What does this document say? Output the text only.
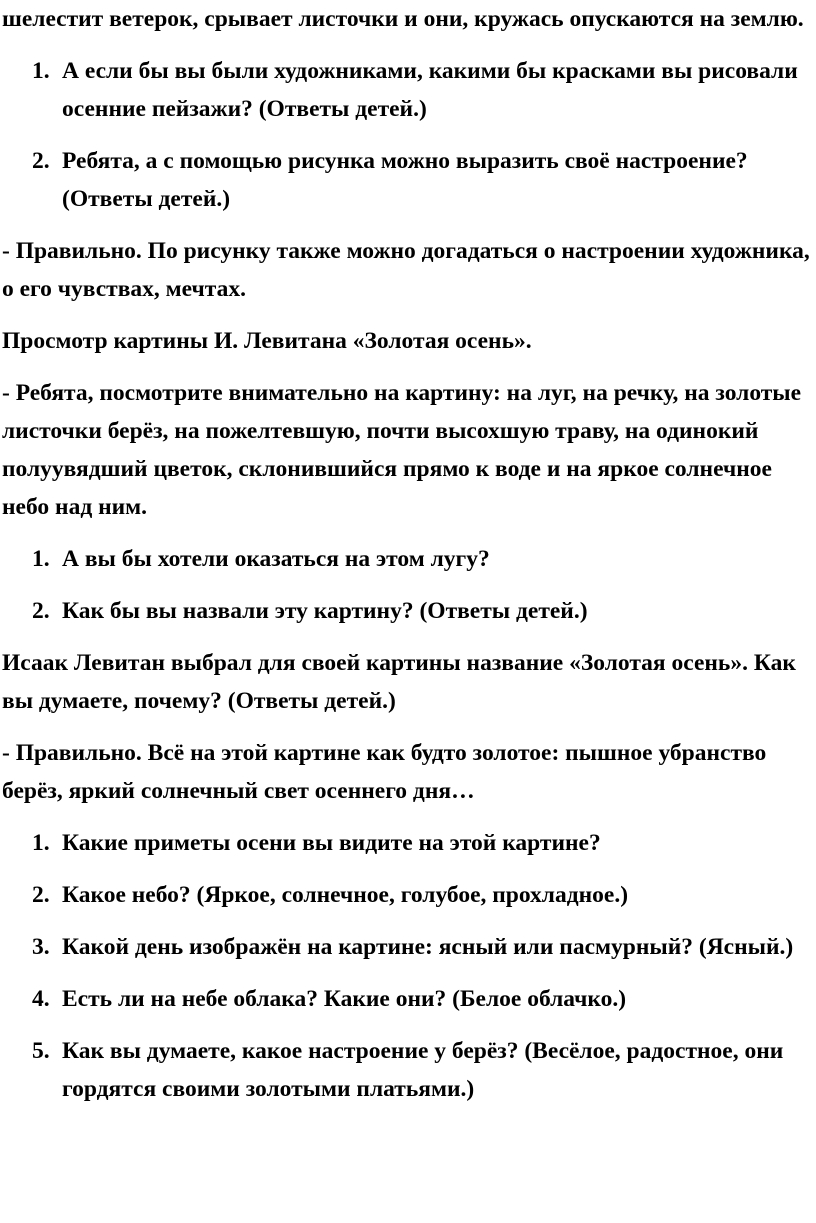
шелестит ветерок, срывает листочки и они, кружась опускаются на землю.

1. А если бы вы были художниками, какими бы красками вы рисовали осенние пейзажи? (Ответы детей.)
2. Ребята, а с помощью рисунка можно выразить своё настроение? (Ответы детей.)

- Правильно. По рисунку также можно догадаться о настроении художника, о его чувствах, мечтах.

Просмотр картины И. Левитана «Золотая осень».

- Ребята, посмотрите внимательно на картину: на луг, на речку, на золотые листочки берёз, на пожелтевшую, почти высохшую траву, на одинокий полуувядший цветок, склонившийся прямо к воде и на яркое солнечное небо над ним.

1. А вы бы хотели оказаться на этом лугу?
2. Как бы вы назвали эту картину? (Ответы детей.)

Исаак Левитан выбрал для своей картины название «Золотая осень». Как вы думаете, почему? (Ответы детей.)

- Правильно. Всё на этой картине как будто золотое: пышное убранство берёз, яркий солнечный свет осеннего дня…

1. Какие приметы осени вы видите на этой картине?
2. Какое небо? (Яркое, солнечное, голубое, прохладное.)
3. Какой день изображён на картине: ясный или пасмурный? (Ясный.)
4. Есть ли на небе облака? Какие они? (Белое облачко.)
5. Как вы думаете, какое настроение у берёз? (Весёлое, радостное, они гордятся своими золотыми платьями.)
